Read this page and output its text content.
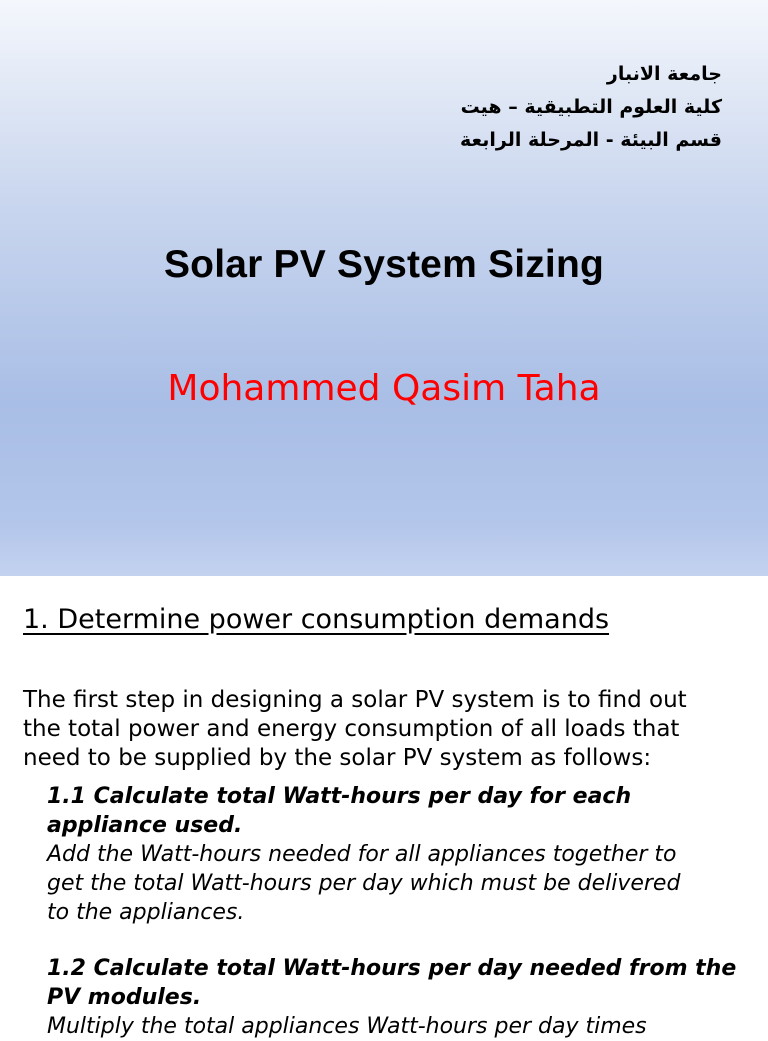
جامعة الانبار
كلية العلوم التطبيقية – هيت
قسم البيئة - المرحلة الرابعة
Solar PV System Sizing
Mohammed Qasim Taha
1. Determine power consumption demands
The first step in designing a solar PV system is to find out
the total power and energy consumption of all loads that
need to be supplied by the solar PV system as follows:
1.1 Calculate total Watt-hours per day for each
appliance used.
Add the Watt-hours needed for all appliances together to
get the total Watt-hours per day which must be delivered
to the appliances.
1.2 Calculate total Watt-hours per day needed from the
PV modules.
Multiply the total appliances Watt-hours per day times
